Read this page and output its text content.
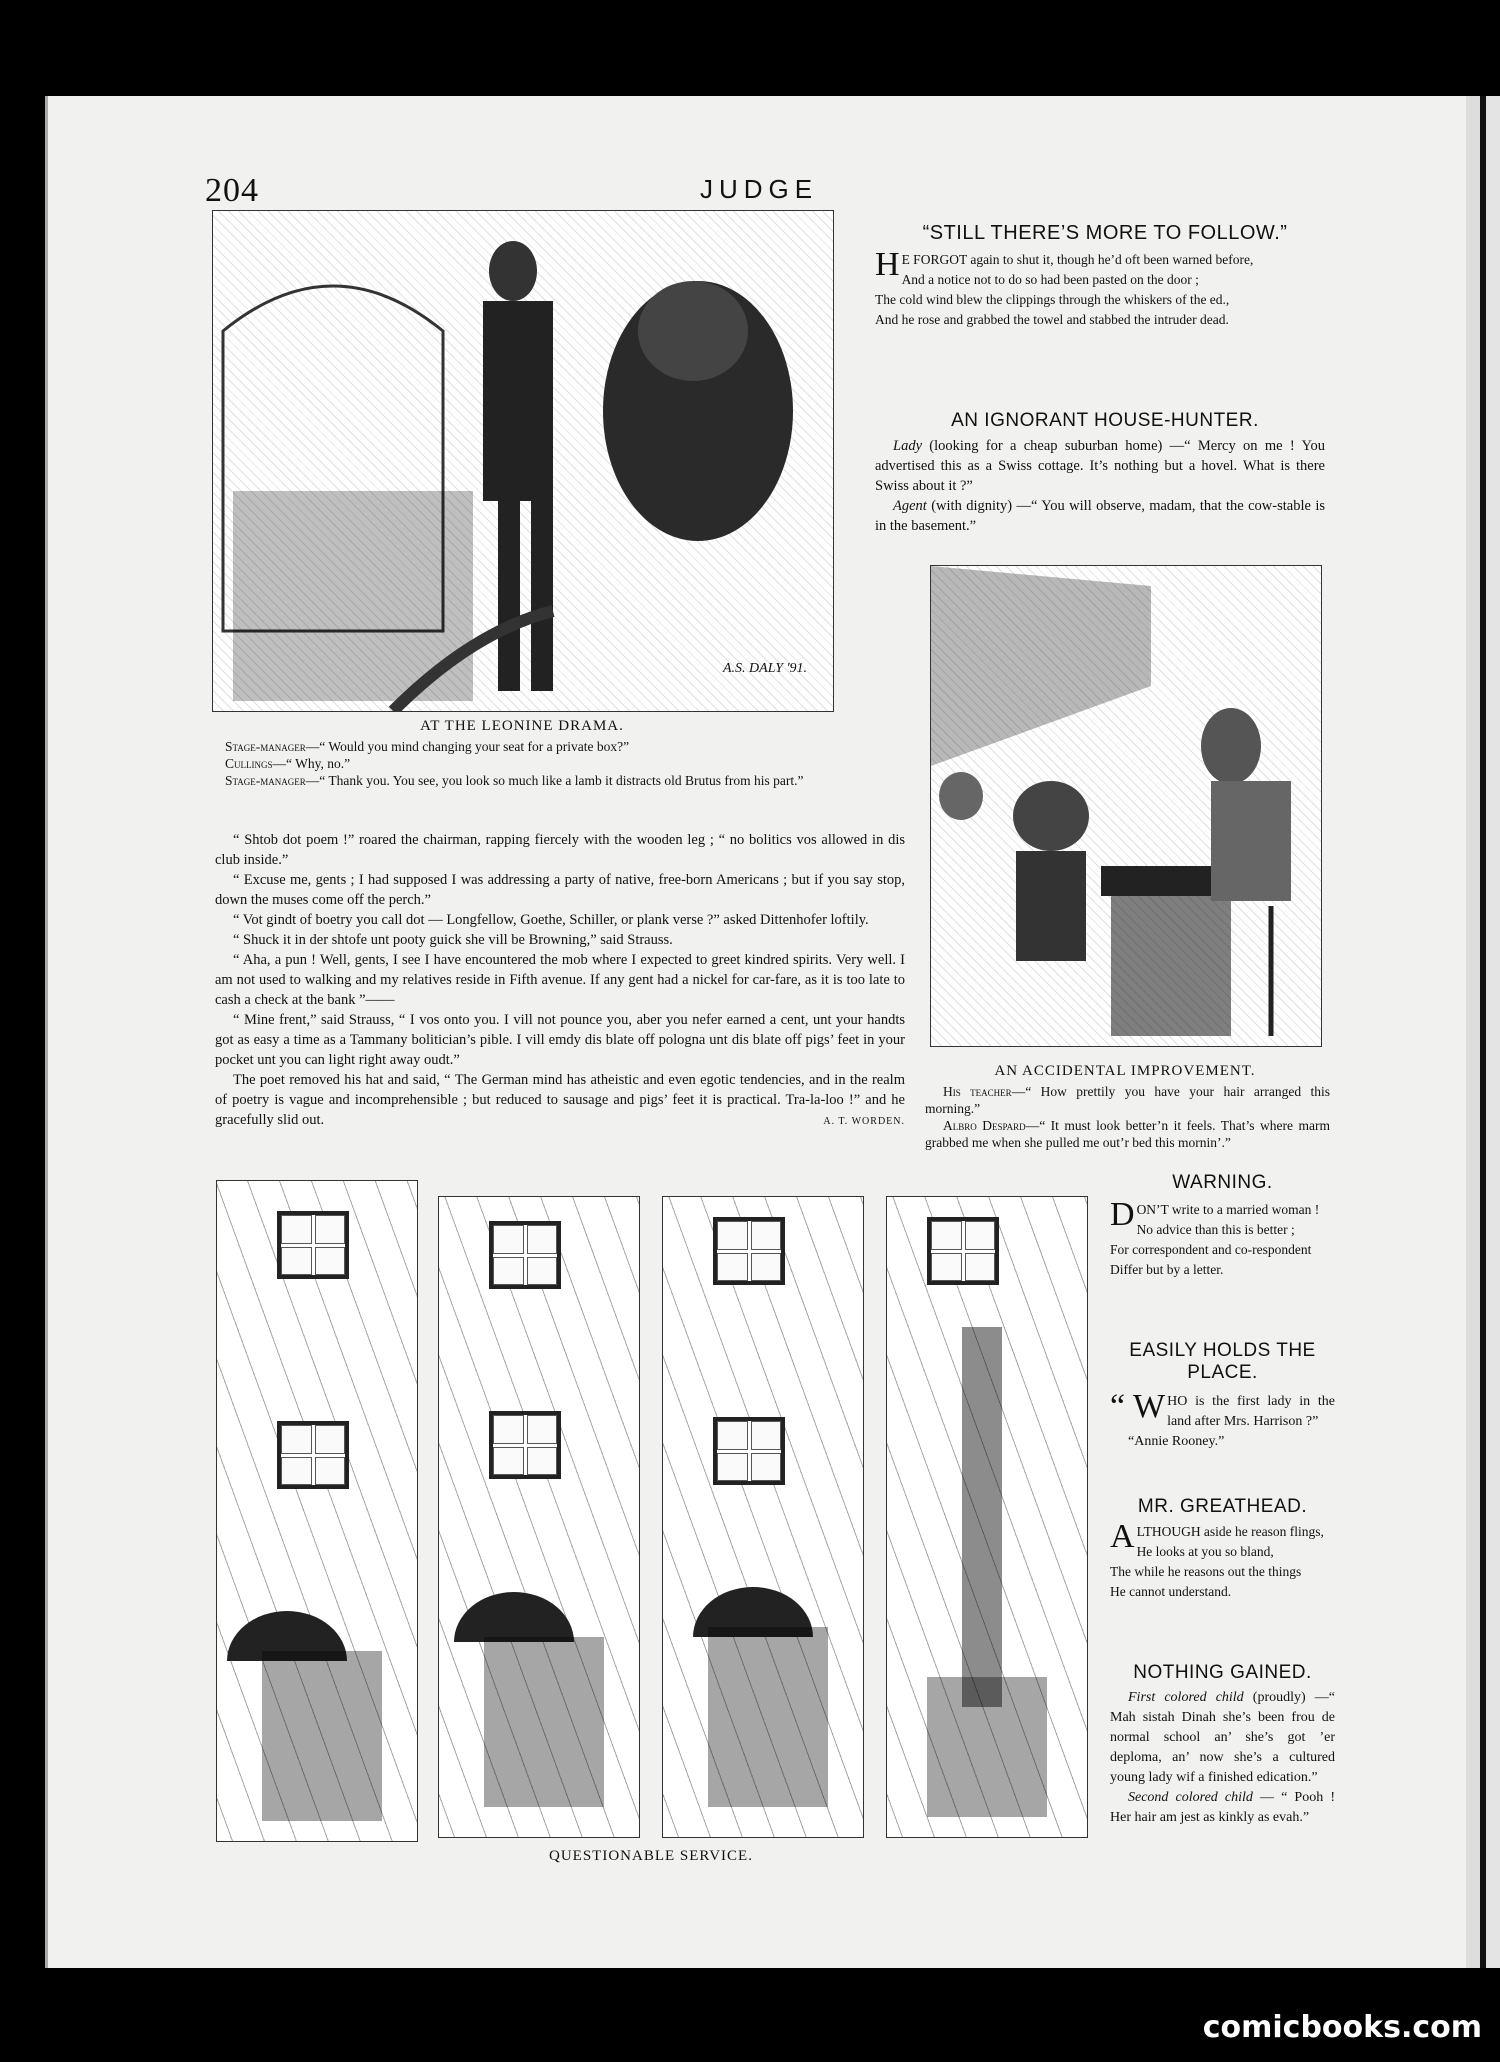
204	JUDGE
A.S. DALY '91.
AT THE LEONINE DRAMA.
Stage-manager—“ Would you mind changing your seat for a private box?”
Cullings—“ Why, no.”
Stage-manager—“ Thank you. You see, you look so much like a lamb it distracts old Brutus from his part.”
“ Shtob dot poem !” roared the chairman, rapping fiercely with the wooden leg ; “ no bolitics vos allowed in dis club inside.”
“ Excuse me, gents ; I had supposed I was addressing a party of native, free-born Americans ; but if you say stop, down the muses come off the perch.”
“ Vot gindt of boetry you call dot — Longfellow, Goethe, Schiller, or plank verse ?” asked Dittenhofer loftily.
“ Shuck it in der shtofe unt pooty guick she vill be Browning,” said Strauss.
“ Aha, a pun ! Well, gents, I see I have encountered the mob where I expected to greet kindred spirits. Very well. I am not used to walking and my relatives reside in Fifth avenue. If any gent had a nickel for car-fare, as it is too late to cash a check at the bank ”——
“ Mine frent,” said Strauss, “ I vos onto you. I vill not pounce you, aber you nefer earned a cent, unt your handts got as easy a time as a Tammany bolitician’s pible. I vill emdy dis blate off pologna unt dis blate off pigs’ feet in your pocket unt you can light right away oudt.”
The poet removed his hat and said, “ The German mind has atheistic and even egotic tendencies, and in the realm of poetry is vague and incomprehensible ; but reduced to sausage and pigs’ feet it is practical. Tra-la-loo !” and he gracefully slid out.	A. T. WORDEN.
“STILL THERE’S MORE TO FOLLOW.”
H E FORGOT again to shut it, though he’d oft been warned before,

And a notice not to do so had been pasted on the door ;

The cold wind blew the clippings through the whiskers of the ed.,

And he rose and grabbed the towel and stabbed the intruder dead.

AN IGNORANT HOUSE-HUNTER.
Lady (looking for a cheap suburban home) —“ Mercy on me ! You advertised this as a Swiss cottage. It’s nothing but a hovel. What is there Swiss about it ?”
Agent (with dignity) —“ You will observe, madam, that the cow-stable is in the basement.”
AN ACCIDENTAL IMPROVEMENT.
His teacher—“ How prettily you have your hair arranged this morning.”
Albro Despard—“ It must look better’n it feels. That’s where marm grabbed me when she pulled me out’r bed this mornin’.”
QUESTIONABLE SERVICE.
WARNING.
D ON’T write to a married woman !

No advice than this is better ;

For correspondent and co-respondent

Differ but by a letter.

EASILY HOLDS THE PLACE.
“ W HO is the first lady in the land after Mrs. Harrison ?”
“Annie Rooney.”
MR. GREATHEAD.
A LTHOUGH aside he reason flings,

He looks at you so bland,

The while he reasons out the things

He cannot understand.

NOTHING GAINED.
First colored child (proudly) —“ Mah sistah Dinah she’s been frou de normal school an’ she’s got ’er deploma, an’ now she’s a cultured young lady wif a finished edication.”
Second colored child — “ Pooh ! Her hair am jest as kinkly as evah.”
comicbooks.com
